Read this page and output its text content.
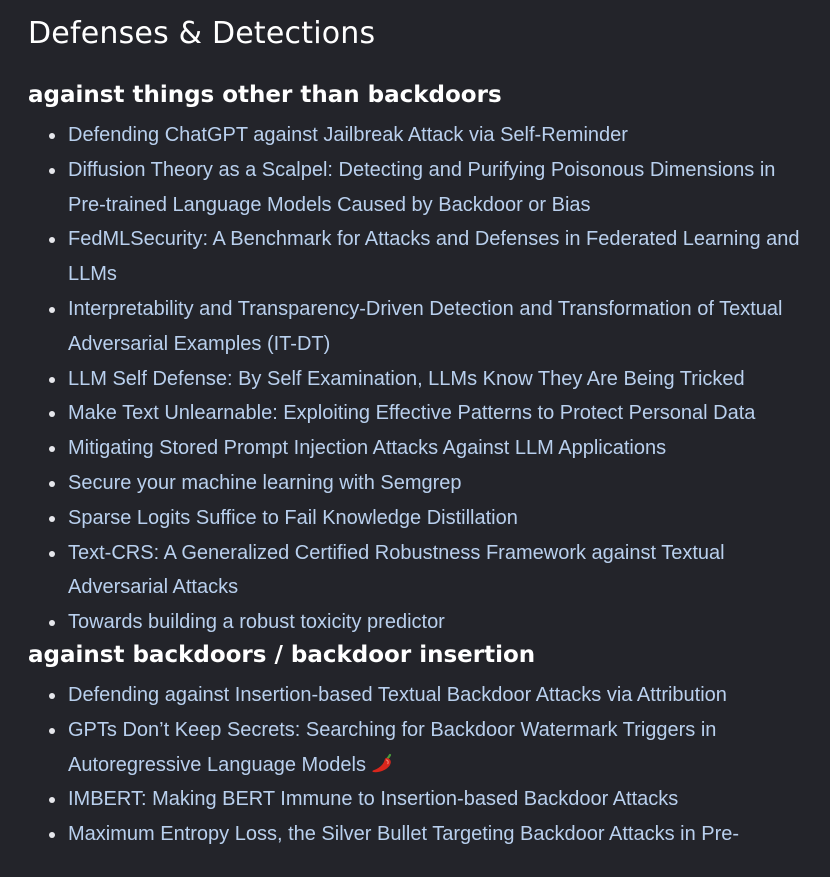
Defenses & Detections
against things other than backdoors
Defending ChatGPT against Jailbreak Attack via Self-Reminder
Diffusion Theory as a Scalpel: Detecting and Purifying Poisonous Dimensions in Pre-trained Language Models Caused by Backdoor or Bias
FedMLSecurity: A Benchmark for Attacks and Defenses in Federated Learning and LLMs
Interpretability and Transparency-Driven Detection and Transformation of Textual Adversarial Examples (IT-DT)
LLM Self Defense: By Self Examination, LLMs Know They Are Being Tricked
Make Text Unlearnable: Exploiting Effective Patterns to Protect Personal Data
Mitigating Stored Prompt Injection Attacks Against LLM Applications
Secure your machine learning with Semgrep
Sparse Logits Suffice to Fail Knowledge Distillation
Text-CRS: A Generalized Certified Robustness Framework against Textual Adversarial Attacks
Towards building a robust toxicity predictor
against backdoors / backdoor insertion
Defending against Insertion-based Textual Backdoor Attacks via Attribution
GPTs Don’t Keep Secrets: Searching for Backdoor Watermark Triggers in Autoregressive Language Models
IMBERT: Making BERT Immune to Insertion-based Backdoor Attacks
Maximum Entropy Loss, the Silver Bullet Targeting Backdoor Attacks in Pre-
